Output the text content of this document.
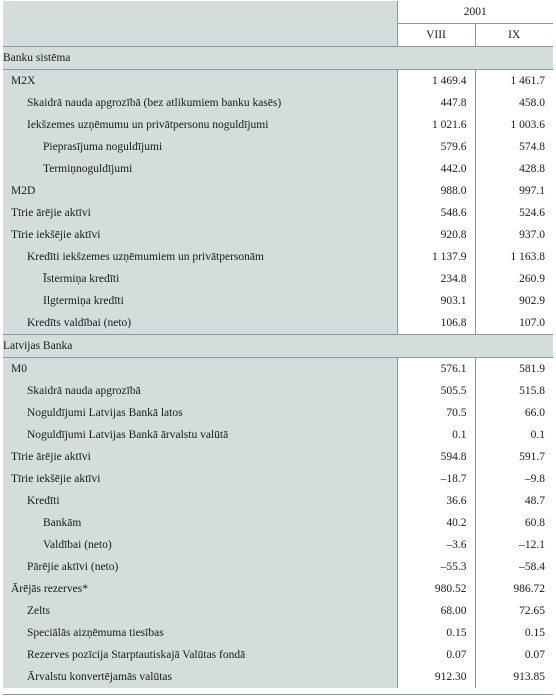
	2001	
	VIII	IX
Banku sistēma		
M2X	1 469.4	1 461.7
Skaidrā nauda apgrozībā (bez atlikumiem banku kasēs)	447.8	458.0
Iekšzemes uzņēmumu un privātpersonu noguldījumi	1 021.6	1 003.6
Pieprasījuma noguldījumi	579.6	574.8
Termiņnoguldījumi	442.0	428.8
M2D	988.0	997.1
Tīrie ārējie aktīvi	548.6	524.6
Tīrie iekšējie aktīvi	920.8	937.0
Kredīti iekšzemes uzņēmumiem un privātpersonām	1 137.9	1 163.8
Īstermiņa kredīti	234.8	260.9
Ilgtermiņa kredīti	903.1	902.9
Kredīts valdībai (neto)	106.8	107.0
Latvijas Banka		
M0	576.1	581.9
Skaidrā nauda apgrozībā	505.5	515.8
Noguldījumi Latvijas Bankā latos	70.5	66.0
Noguldījumi Latvijas Bankā ārvalstu valūtā	0.1	0.1
Tīrie ārējie aktīvi	594.8	591.7
Tīrie iekšējie aktīvi	–18.7	–9.8
Kredīti	36.6	48.7
Bankām	40.2	60.8
Valdībai (neto)	–3.6	–12.1
Pārējie aktīvi (neto)	–55.3	–58.4
Ārējās rezerves*	980.52	986.72
Zelts	68.00	72.65
Speciālās aizņēmuma tiesības	0.15	0.15
Rezerves pozīcija Starptautiskajā Valūtas fondā	0.07	0.07
Ārvalstu konvertējamās valūtas	912.30	913.85
